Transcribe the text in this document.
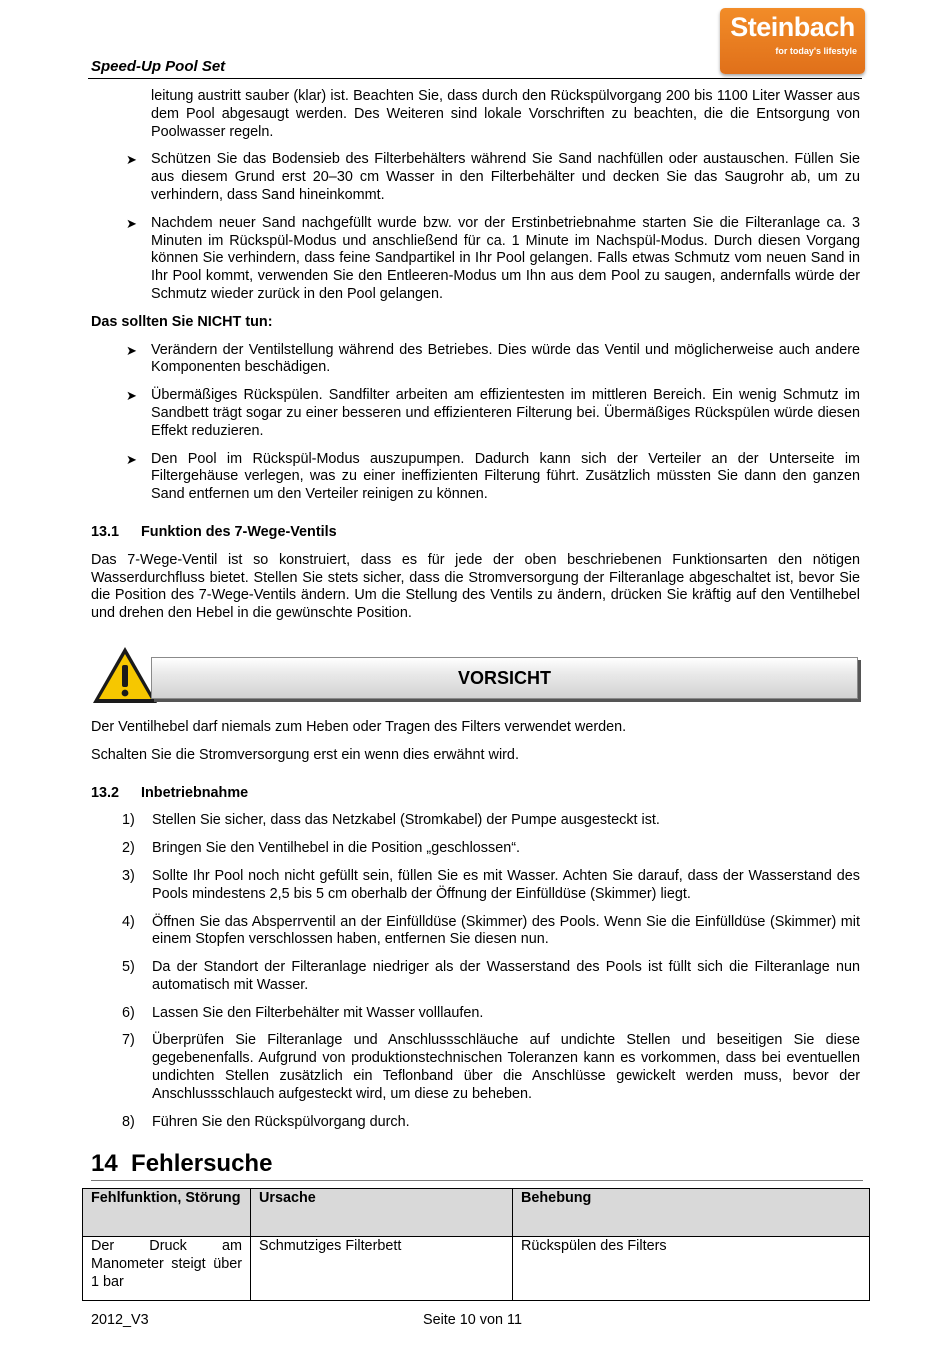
Speed-Up Pool Set
Steinbach
for today's lifestyle

leitung austritt sauber (klar) ist. Beachten Sie, dass durch den Rückspülvorgang 200 bis 1100 Liter Wasser aus dem Pool abgesaugt werden. Des Weiteren sind lokale Vorschriften zu beachten, die die Entsorgung von Poolwasser regeln.

➤ Schützen Sie das Bodensieb des Filterbehälters während Sie Sand nachfüllen oder austauschen. Füllen Sie aus diesem Grund erst 20–30 cm Wasser in den Filterbehälter und decken Sie das Saugrohr ab, um zu verhindern, dass Sand hineinkommt.

➤ Nachdem neuer Sand nachgefüllt wurde bzw. vor der Erstinbetriebnahme starten Sie die Filteranlage ca. 3 Minuten im Rückspül-Modus und anschließend für ca. 1 Minute im Nachspül-Modus. Durch diesen Vorgang können Sie verhindern, dass feine Sandpartikel in Ihr Pool gelangen. Falls etwas Schmutz vom neuen Sand in Ihr Pool kommt, verwenden Sie den Entleeren-Modus um Ihn aus dem Pool zu saugen, andernfalls würde der Schmutz wieder zurück in den Pool gelangen.

Das sollten Sie NICHT tun:

➤ Verändern der Ventilstellung während des Betriebes. Dies würde das Ventil und möglicherweise auch andere Komponenten beschädigen.

➤ Übermäßiges Rückspülen. Sandfilter arbeiten am effizientesten im mittleren Bereich. Ein wenig Schmutz im Sandbett trägt sogar zu einer besseren und effizienteren Filterung bei. Übermäßiges Rückspülen würde diesen Effekt reduzieren.

➤ Den Pool im Rückspül-Modus auszupumpen. Dadurch kann sich der Verteiler an der Unterseite im Filtergehäuse verlegen, was zu einer ineffizienten Filterung führt. Zusätzlich müssten Sie dann den ganzen Sand entfernen um den Verteiler reinigen zu können.

13.1 Funktion des 7-Wege-Ventils

Das 7-Wege-Ventil ist so konstruiert, dass es für jede der oben beschriebenen Funktionsarten den nötigen Wasserdurchfluss bietet. Stellen Sie stets sicher, dass die Stromversorgung der Filteranlage abgeschaltet ist, bevor Sie die Position des 7-Wege-Ventils ändern. Um die Stellung des Ventils zu ändern, drücken Sie kräftig auf den Ventilhebel und drehen den Hebel in die gewünschte Position.

VORSICHT

Der Ventilhebel darf niemals zum Heben oder Tragen des Filters verwendet werden.

Schalten Sie die Stromversorgung erst ein wenn dies erwähnt wird.

13.2 Inbetriebnahme

1) Stellen Sie sicher, dass das Netzkabel (Stromkabel) der Pumpe ausgesteckt ist.

2) Bringen Sie den Ventilhebel in die Position „geschlossen“.

3) Sollte Ihr Pool noch nicht gefüllt sein, füllen Sie es mit Wasser. Achten Sie darauf, dass der Wasserstand des Pools mindestens 2,5 bis 5 cm oberhalb der Öffnung der Einfülldüse (Skimmer) liegt.

4) Öffnen Sie das Absperrventil an der Einfülldüse (Skimmer) des Pools. Wenn Sie die Einfülldüse (Skimmer) mit einem Stopfen verschlossen haben, entfernen Sie diesen nun.

5) Da der Standort der Filteranlage niedriger als der Wasserstand des Pools ist füllt sich die Filteranlage nun automatisch mit Wasser.

6) Lassen Sie den Filterbehälter mit Wasser volllaufen.

7) Überprüfen Sie Filteranlage und Anschlussschläuche auf undichte Stellen und beseitigen Sie diese gegebenenfalls. Aufgrund von produktionstechnischen Toleranzen kann es vorkommen, dass bei eventuellen undichten Stellen zusätzlich ein Teflonband über die Anschlüsse gewickelt werden muss, bevor der Anschlussschlauch aufgesteckt wird, um diese zu beheben.

8) Führen Sie den Rückspülvorgang durch.

14 Fehlersuche
Fehlfunktion, Störung	Ursache	Behebung
Der Druck am Manometer steigt über 1 bar	Schmutziges Filterbett	Rückspülen des Filters
2012_V3	Seite 10 von 11
